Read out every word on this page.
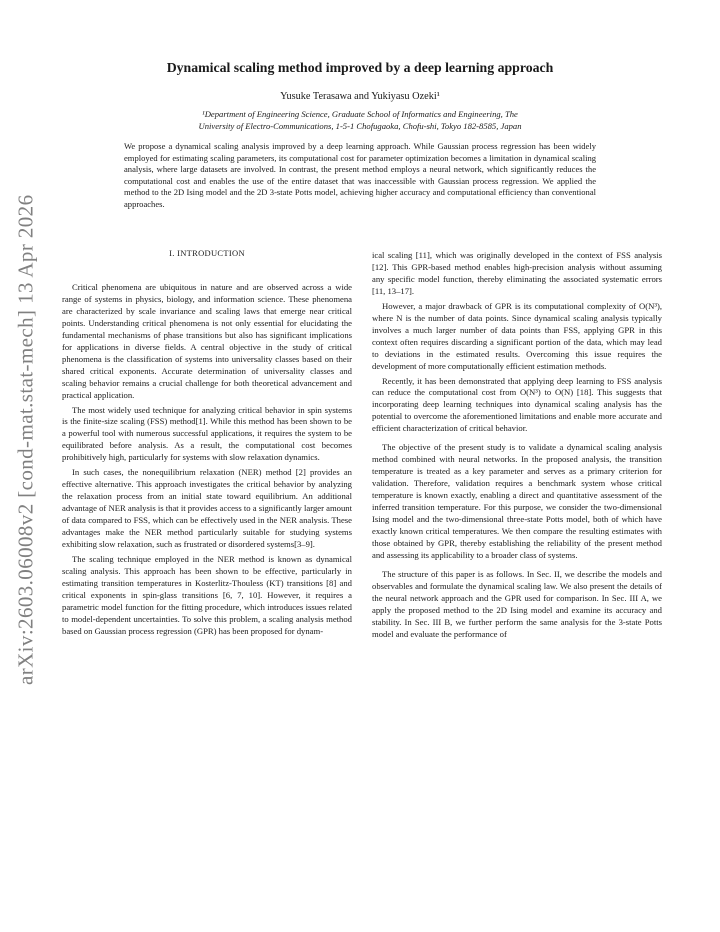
arXiv:2603.06008v2 [cond-mat.stat-mech] 13 Apr 2026
Dynamical scaling method improved by a deep learning approach
Yusuke Terasawa and Yukiyasu Ozeki¹
¹Department of Engineering Science, Graduate School of Informatics and Engineering, The
University of Electro-Communications, 1-5-1 Chofugaoka, Chofu-shi, Tokyo 182-8585, Japan
We propose a dynamical scaling analysis improved by a deep learning approach. While Gaussian process regression has been widely employed for estimating scaling parameters, its computational cost for parameter optimization becomes a limitation in dynamical scaling analysis, where large datasets are involved. In contrast, the present method employs a neural network, which significantly reduces the computational cost and enables the use of the entire dataset that was inaccessible with Gaussian process regression. We applied the method to the 2D Ising model and the 2D 3-state Potts model, achieving higher accuracy and computational efficiency than conventional approaches.
I. INTRODUCTION

Critical phenomena are ubiquitous in nature and are observed across a wide range of systems in physics, biology, and information science. These phenomena are characterized by scale invariance and scaling laws that emerge near critical points. Understanding critical phenomena is not only essential for elucidating the fundamental mechanisms of phase transitions but also has significant implications for applications in diverse fields. A central objective in the study of critical phenomena is the classification of systems into universality classes based on their shared critical exponents. Accurate determination of universality classes and scaling behavior remains a crucial challenge for both theoretical advancement and practical application.

The most widely used technique for analyzing critical behavior in spin systems is the finite-size scaling (FSS) method[1]. While this method has been shown to be a powerful tool with numerous successful applications, it requires the system to be equilibrated before analysis. As a result, the computational cost becomes prohibitively high, particularly for systems with slow relaxation dynamics.

In such cases, the nonequilibrium relaxation (NER) method [2] provides an effective alternative. This approach investigates the critical behavior by analyzing the relaxation process from an initial state toward equilibrium. An additional advantage of NER analysis is that it provides access to a significantly larger amount of data compared to FSS, which can be effectively used in the NER analysis. These advantages make the NER method particularly suitable for studying systems exhibiting slow relaxation, such as frustrated or disordered systems[3–9].

The scaling technique employed in the NER method is known as dynamical scaling analysis. This approach has been shown to be effective, particularly in estimating transition temperatures in Kosterlitz-Thouless (KT) transitions [8] and critical exponents in spin-glass transitions [6, 7, 10]. However, it requires a parametric model function for the fitting procedure, which introduces issues related to model-dependent uncertainties. To solve this problem, a scaling analysis method based on Gaussian process regression (GPR) has been proposed for dynam-

ical scaling [11], which was originally developed in the context of FSS analysis [12]. This GPR-based method enables high-precision analysis without assuming any specific model function, thereby eliminating the associated systematic errors [11, 13–17].

However, a major drawback of GPR is its computational complexity of O(N³), where N is the number of data points. Since dynamical scaling analysis typically involves a much larger number of data points than FSS, applying GPR in this context often requires discarding a significant portion of the data, which may lead to deviations in the estimated results. Overcoming this issue requires the development of more computationally efficient estimation methods.

Recently, it has been demonstrated that applying deep learning to FSS analysis can reduce the computational cost from O(N³) to O(N) [18]. This suggests that incorporating deep learning techniques into dynamical scaling analysis has the potential to overcome the aforementioned limitations and enable more accurate and efficient characterization of critical behavior.

The objective of the present study is to validate a dynamical scaling analysis method combined with neural networks. In the proposed analysis, the transition temperature is treated as a key parameter and serves as a primary criterion for validation. Therefore, validation requires a benchmark system whose critical temperature is known exactly, enabling a direct and quantitative assessment of the inferred transition temperature. For this purpose, we consider the two-dimensional Ising model and the two-dimensional three-state Potts model, both of which have exactly known critical temperatures. We then compare the resulting estimates with those obtained by GPR, thereby establishing the reliability of the present method and assessing its applicability to a broader class of systems.

The structure of this paper is as follows. In Sec. II, we describe the models and observables and formulate the dynamical scaling law. We also present the details of the neural network approach and the GPR used for comparison. In Sec. III A, we apply the proposed method to the 2D Ising model and examine its accuracy and stability. In Sec. III B, we further perform the same analysis for the 3-state Potts model and evaluate the performance of
